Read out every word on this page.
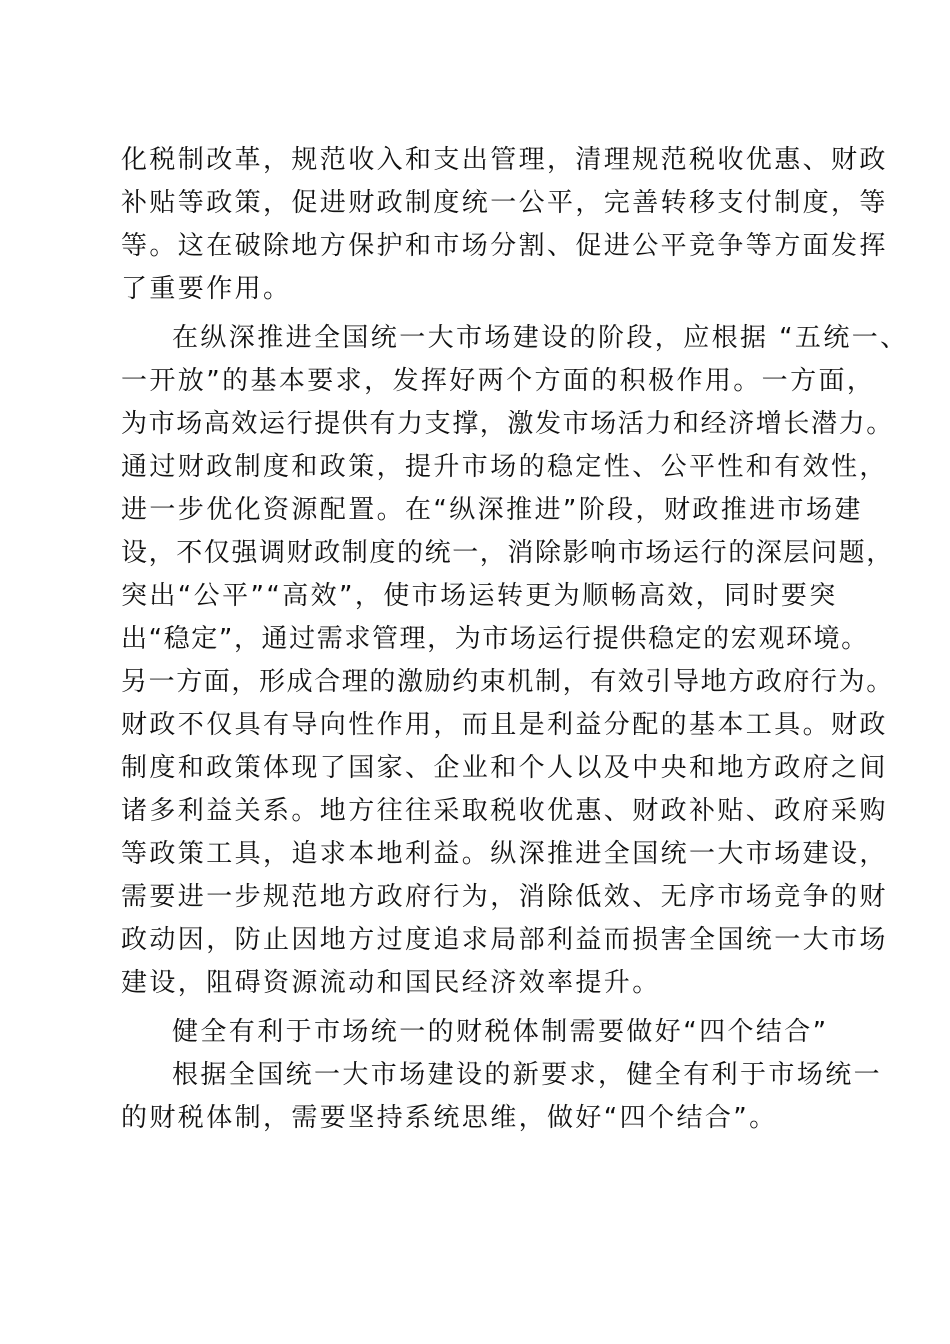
化税制改革，规范收入和支出管理，清理规范税收优惠、财政
补贴等政策，促进财政制度统一公平，完善转移支付制度，等
等。这在破除地方保护和市场分割、促进公平竞争等方面发挥
了重要作用。
在纵深推进全国统一大市场建设的阶段，应根据 “五统一、
一开放”的基本要求，发挥好两个方面的积极作用。一方面，
为市场高效运行提供有力支撑，激发市场活力和经济增长潜力。
通过财政制度和政策，提升市场的稳定性、公平性和有效性，
进一步优化资源配置。在“纵深推进”阶段，财政推进市场建
设，不仅强调财政制度的统一，消除影响市场运行的深层问题，
突出“公平”“高效”，使市场运转更为顺畅高效，同时要突
出“稳定”，通过需求管理，为市场运行提供稳定的宏观环境。
另一方面，形成合理的激励约束机制，有效引导地方政府行为。
财政不仅具有导向性作用，而且是利益分配的基本工具。财政
制度和政策体现了国家、企业和个人以及中央和地方政府之间
诸多利益关系。地方往往采取税收优惠、财政补贴、政府采购
等政策工具，追求本地利益。纵深推进全国统一大市场建设，
需要进一步规范地方政府行为，消除低效、无序市场竞争的财
政动因，防止因地方过度追求局部利益而损害全国统一大市场
建设，阻碍资源流动和国民经济效率提升。
健全有利于市场统一的财税体制需要做好“四个结合”
根据全国统一大市场建设的新要求，健全有利于市场统一
的财税体制，需要坚持系统思维，做好“四个结合”。
